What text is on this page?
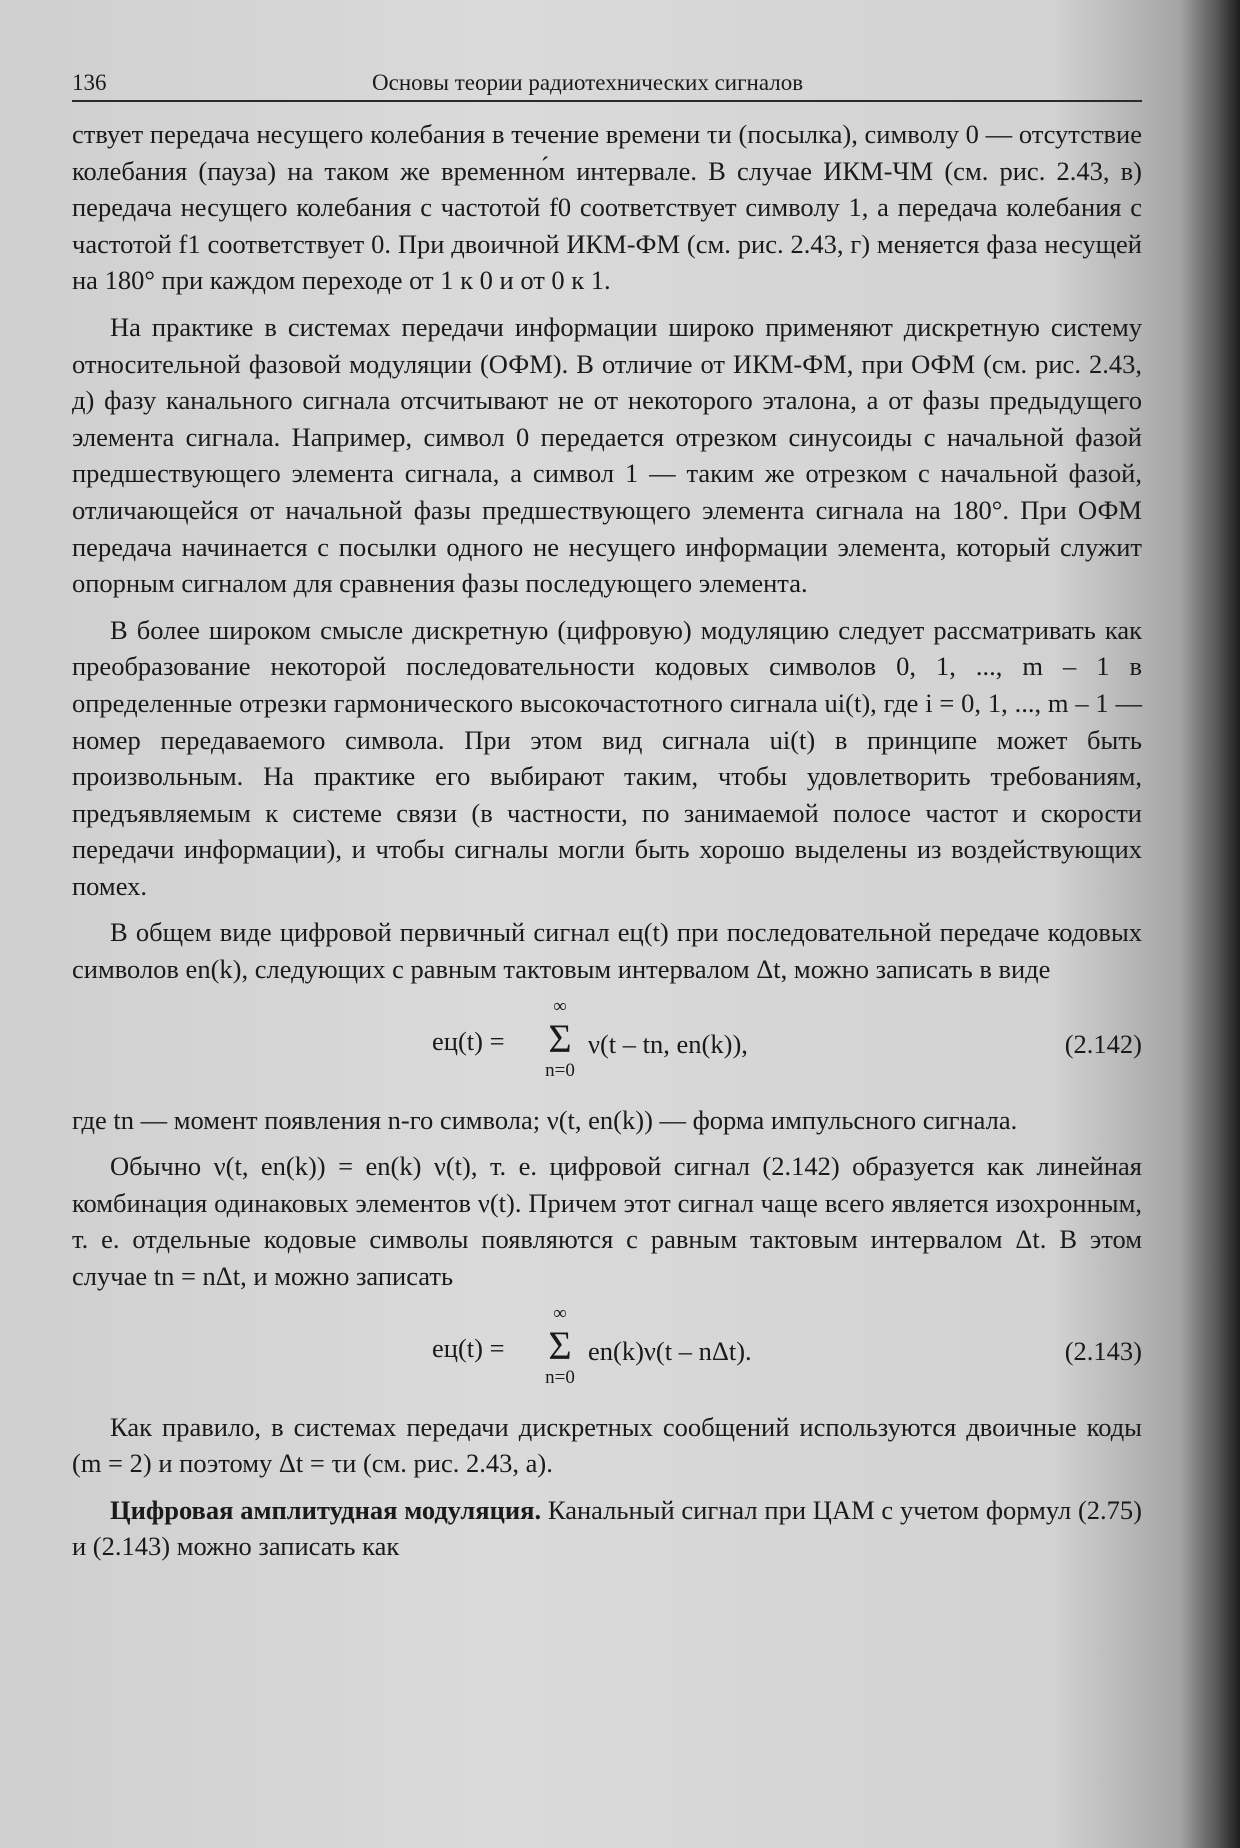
136	Основы теории радиотехнических сигналов

ствует передача несущего колебания в течение времени τи (посылка), символу 0 — отсутствие колебания (пауза) на таком же временно́м интервале. В случае ИКМ-ЧМ (см. рис. 2.43, в) передача несущего колебания с частотой f0 соответствует символу 1, а передача колебания с частотой f1 соответствует 0. При двоичной ИКМ-ФМ (см. рис. 2.43, г) меняется фаза несущей на 180° при каждом переходе от 1 к 0 и от 0 к 1.

На практике в системах передачи информации широко применяют дискретную систему относительной фазовой модуляции (ОФМ). В отличие от ИКМ-ФМ, при ОФМ (см. рис. 2.43, д) фазу канального сигнала отсчитывают не от некоторого эталона, а от фазы предыдущего элемента сигнала. Например, символ 0 передается отрезком синусоиды с начальной фазой предшествующего элемента сигнала, а символ 1 — таким же отрезком с начальной фазой, отличающейся от начальной фазы предшествующего элемента сигнала на 180°. При ОФМ передача начинается с посылки одного не несущего информации элемента, который служит опорным сигналом для сравнения фазы последующего элемента.

В более широком смысле дискретную (цифровую) модуляцию следует рассматривать как преобразование некоторой последовательности кодовых символов 0, 1, ..., m – 1 в определенные отрезки гармонического высокочастотного сигнала ui(t), где i = 0, 1, ..., m – 1 — номер передаваемого символа. При этом вид сигнала ui(t) в принципе может быть произвольным. На практике его выбирают таким, чтобы удовлетворить требованиям, предъявляемым к системе связи (в частности, по занимаемой полосе частот и скорости передачи информации), и чтобы сигналы могли быть хорошо выделены из воздействующих помех.

В общем виде цифровой первичный сигнал eц(t) при последовательной передаче кодовых символов en(k), следующих с равным тактовым интервалом Δt, можно записать в виде

eц(t) =
∞
Σ
n=0
ν(t – tn, en(k)),	(2.142)

где tn — момент появления n-го символа; ν(t, en(k)) — форма импульсного сигнала.

Обычно ν(t, en(k)) = en(k) ν(t), т. е. цифровой сигнал (2.142) образуется как линейная комбинация одинаковых элементов ν(t). Причем этот сигнал чаще всего является изохронным, т. е. отдельные кодовые символы появляются с равным тактовым интервалом Δt. В этом случае tn = nΔt, и можно записать

eц(t) =
∞
Σ
n=0
en(k)ν(t – nΔt).	(2.143)

Как правило, в системах передачи дискретных сообщений используются двоичные коды (m = 2) и поэтому Δt = τи (см. рис. 2.43, а).

Цифровая амплитудная модуляция. Канальный сигнал при ЦАМ с учетом формул (2.75) и (2.143) можно записать как
